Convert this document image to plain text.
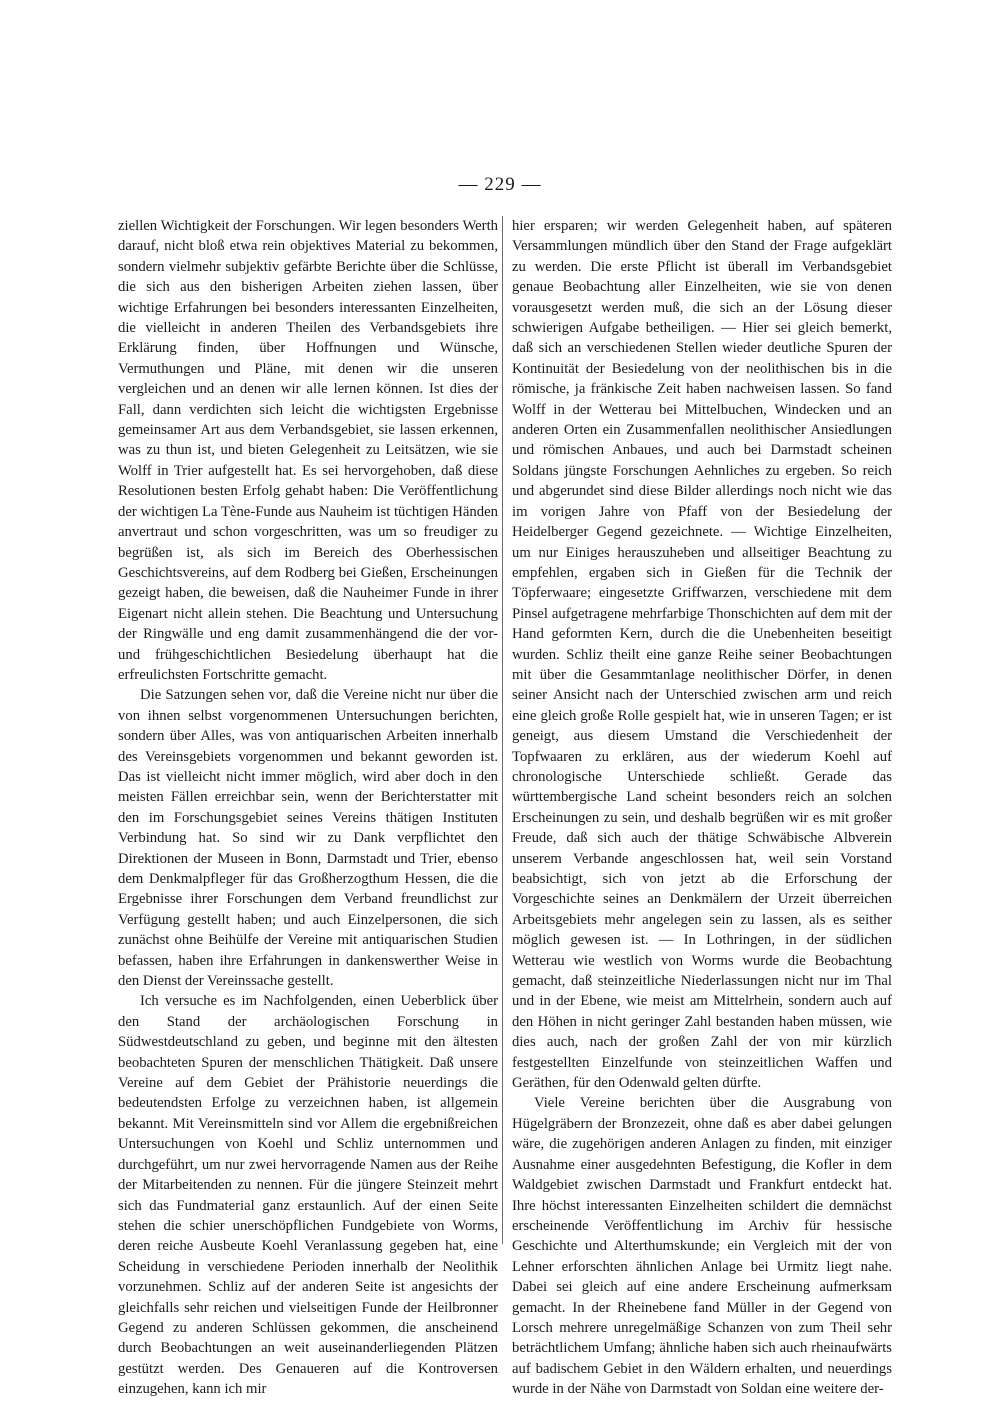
— 229 —

ziellen Wichtigkeit der Forschungen. Wir legen besonders Werth darauf, nicht bloß etwa rein objektives Material zu bekommen, sondern vielmehr subjektiv gefärbte Berichte über die Schlüsse, die sich aus den bisherigen Arbeiten ziehen lassen, über wichtige Erfahrungen bei besonders interessanten Einzelheiten, die vielleicht in anderen Theilen des Verbandsgebiets ihre Erklärung finden, über Hoffnungen und Wünsche, Vermuthungen und Pläne, mit denen wir die unseren vergleichen und an denen wir alle lernen können. Ist dies der Fall, dann verdichten sich leicht die wichtigsten Ergebnisse gemeinsamer Art aus dem Verbandsgebiet, sie lassen erkennen, was zu thun ist, und bieten Gelegenheit zu Leitsätzen, wie sie Wolff in Trier aufgestellt hat. Es sei hervorgehoben, daß diese Resolutionen besten Erfolg gehabt haben: Die Veröffentlichung der wichtigen La Tène-Funde aus Nauheim ist tüchtigen Händen anvertraut und schon vorgeschritten, was um so freudiger zu begrüßen ist, als sich im Bereich des Oberhessischen Geschichtsvereins, auf dem Rodberg bei Gießen, Erscheinungen gezeigt haben, die beweisen, daß die Nauheimer Funde in ihrer Eigenart nicht allein stehen. Die Beachtung und Untersuchung der Ringwälle und eng damit zusammenhängend die der vor- und frühgeschichtlichen Besiedelung überhaupt hat die erfreulichsten Fortschritte gemacht.

Die Satzungen sehen vor, daß die Vereine nicht nur über die von ihnen selbst vorgenommenen Untersuchungen berichten, sondern über Alles, was von antiquarischen Arbeiten innerhalb des Vereinsgebiets vorgenommen und bekannt geworden ist. Das ist vielleicht nicht immer möglich, wird aber doch in den meisten Fällen erreichbar sein, wenn der Berichterstatter mit den im Forschungsgebiet seines Vereins thätigen Instituten Verbindung hat. So sind wir zu Dank verpflichtet den Direktionen der Museen in Bonn, Darmstadt und Trier, ebenso dem Denkmalpfleger für das Großherzogthum Hessen, die die Ergebnisse ihrer Forschungen dem Verband freundlichst zur Verfügung gestellt haben; und auch Einzelpersonen, die sich zunächst ohne Beihülfe der Vereine mit antiquarischen Studien befassen, haben ihre Erfahrungen in dankenswerther Weise in den Dienst der Vereinssache gestellt.

Ich versuche es im Nachfolgenden, einen Ueberblick über den Stand der archäologischen Forschung in Südwestdeutschland zu geben, und beginne mit den ältesten beobachteten Spuren der menschlichen Thätigkeit. Daß unsere Vereine auf dem Gebiet der Prähistorie neuerdings die bedeutendsten Erfolge zu verzeichnen haben, ist allgemein bekannt. Mit Vereinsmitteln sind vor Allem die ergebnißreichen Untersuchungen von Koehl und Schliz unternommen und durchgeführt, um nur zwei hervorragende Namen aus der Reihe der Mitarbeitenden zu nennen. Für die jüngere Steinzeit mehrt sich das Fundmaterial ganz erstaunlich. Auf der einen Seite stehen die schier unerschöpflichen Fundgebiete von Worms, deren reiche Ausbeute Koehl Veranlassung gegeben hat, eine Scheidung in verschiedene Perioden innerhalb der Neolithik vorzunehmen. Schliz auf der anderen Seite ist angesichts der gleichfalls sehr reichen und vielseitigen Funde der Heilbronner Gegend zu anderen Schlüssen gekommen, die anscheinend durch Beobachtungen an weit auseinanderliegenden Plätzen gestützt werden. Des Genaueren auf die Kontroversen einzugehen, kann ich mir

hier ersparen; wir werden Gelegenheit haben, auf späteren Versammlungen mündlich über den Stand der Frage aufgeklärt zu werden. Die erste Pflicht ist überall im Verbandsgebiet genaue Beobachtung aller Einzelheiten, wie sie von denen vorausgesetzt werden muß, die sich an der Lösung dieser schwierigen Aufgabe betheiligen. — Hier sei gleich bemerkt, daß sich an verschiedenen Stellen wieder deutliche Spuren der Kontinuität der Besiedelung von der neolithischen bis in die römische, ja fränkische Zeit haben nachweisen lassen. So fand Wolff in der Wetterau bei Mittelbuchen, Windecken und an anderen Orten ein Zusammenfallen neolithischer Ansiedlungen und römischen Anbaues, und auch bei Darmstadt scheinen Soldans jüngste Forschungen Aehnliches zu ergeben. So reich und abgerundet sind diese Bilder allerdings noch nicht wie das im vorigen Jahre von Pfaff von der Besiedelung der Heidelberger Gegend gezeichnete. — Wichtige Einzelheiten, um nur Einiges herauszuheben und allseitiger Beachtung zu empfehlen, ergaben sich in Gießen für die Technik der Töpferwaare; eingesetzte Griffwarzen, verschiedene mit dem Pinsel aufgetragene mehrfarbige Thonschichten auf dem mit der Hand geformten Kern, durch die die Unebenheiten beseitigt wurden. Schliz theilt eine ganze Reihe seiner Beobachtungen mit über die Gesammtanlage neolithischer Dörfer, in denen seiner Ansicht nach der Unterschied zwischen arm und reich eine gleich große Rolle gespielt hat, wie in unseren Tagen; er ist geneigt, aus diesem Umstand die Verschiedenheit der Topfwaaren zu erklären, aus der wiederum Koehl auf chronologische Unterschiede schließt. Gerade das württembergische Land scheint besonders reich an solchen Erscheinungen zu sein, und deshalb begrüßen wir es mit großer Freude, daß sich auch der thätige Schwäbische Albverein unserem Verbande angeschlossen hat, weil sein Vorstand beabsichtigt, sich von jetzt ab die Erforschung der Vorgeschichte seines an Denkmälern der Urzeit überreichen Arbeitsgebiets mehr angelegen sein zu lassen, als es seither möglich gewesen ist. — In Lothringen, in der südlichen Wetterau wie westlich von Worms wurde die Beobachtung gemacht, daß steinzeitliche Niederlassungen nicht nur im Thal und in der Ebene, wie meist am Mittelrhein, sondern auch auf den Höhen in nicht geringer Zahl bestanden haben müssen, wie dies auch, nach der großen Zahl der von mir kürzlich festgestellten Einzelfunde von steinzeitlichen Waffen und Geräthen, für den Odenwald gelten dürfte.

Viele Vereine berichten über die Ausgrabung von Hügelgräbern der Bronzezeit, ohne daß es aber dabei gelungen wäre, die zugehörigen anderen Anlagen zu finden, mit einziger Ausnahme einer ausgedehnten Befestigung, die Kofler in dem Waldgebiet zwischen Darmstadt und Frankfurt entdeckt hat. Ihre höchst interessanten Einzelheiten schildert die demnächst erscheinende Veröffentlichung im Archiv für hessische Geschichte und Alterthumskunde; ein Vergleich mit der von Lehner erforschten ähnlichen Anlage bei Urmitz liegt nahe. Dabei sei gleich auf eine andere Erscheinung aufmerksam gemacht. In der Rheinebene fand Müller in der Gegend von Lorsch mehrere unregelmäßige Schanzen von zum Theil sehr beträchtlichem Umfang; ähnliche haben sich auch rheinaufwärts auf badischem Gebiet in den Wäldern erhalten, und neuerdings wurde in der Nähe von Darmstadt von Soldan eine weitere der-
